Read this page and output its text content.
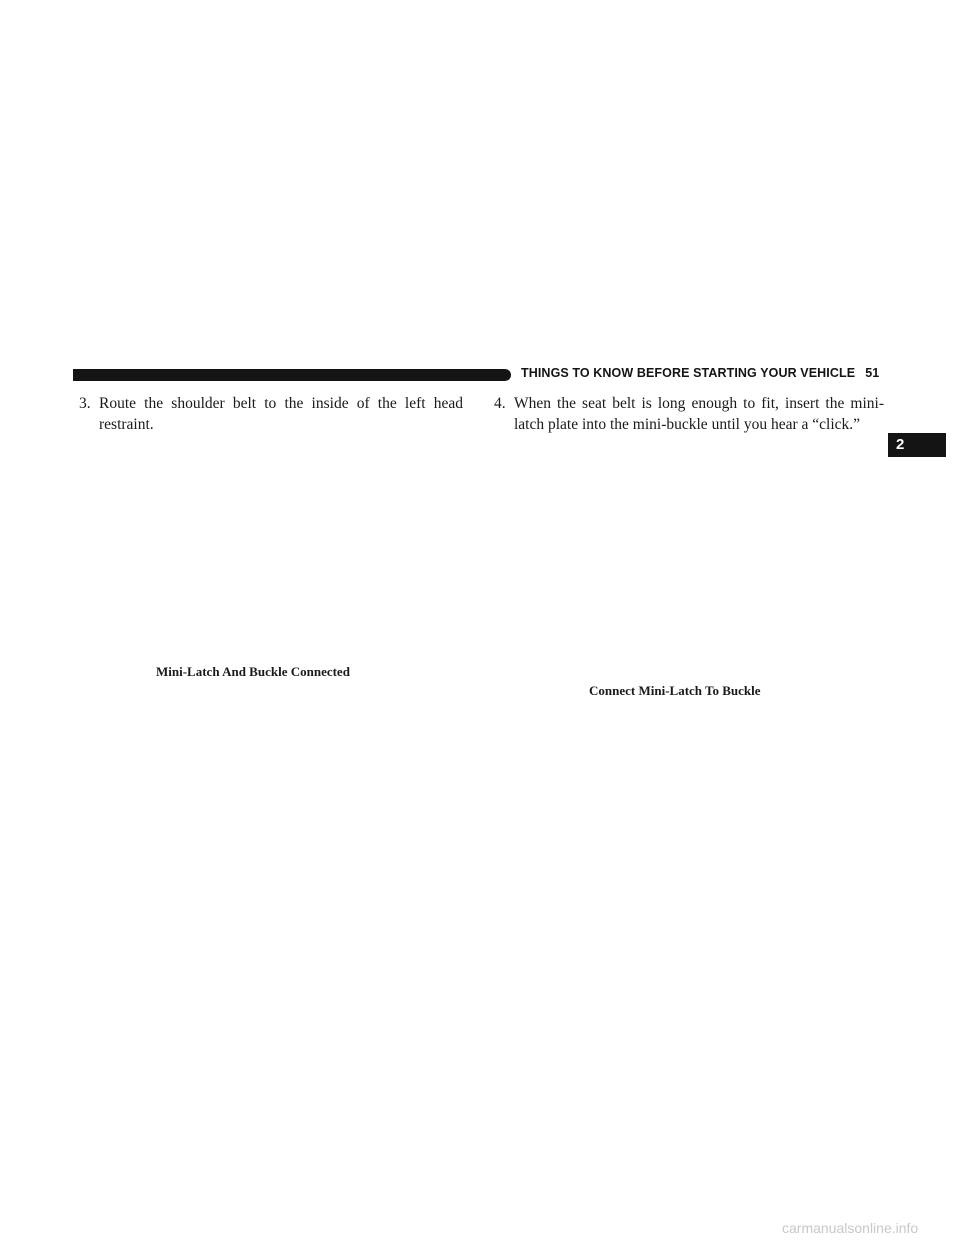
THINGS TO KNOW BEFORE STARTING YOUR VEHICLE 51
3. Route the shoulder belt to the inside of the left head restraint.
4. When the seat belt is long enough to fit, insert the mini-latch plate into the mini-buckle until you hear a “click.”
Mini-Latch And Buckle Connected
Connect Mini-Latch To Buckle
2
carmanualsonline.info
